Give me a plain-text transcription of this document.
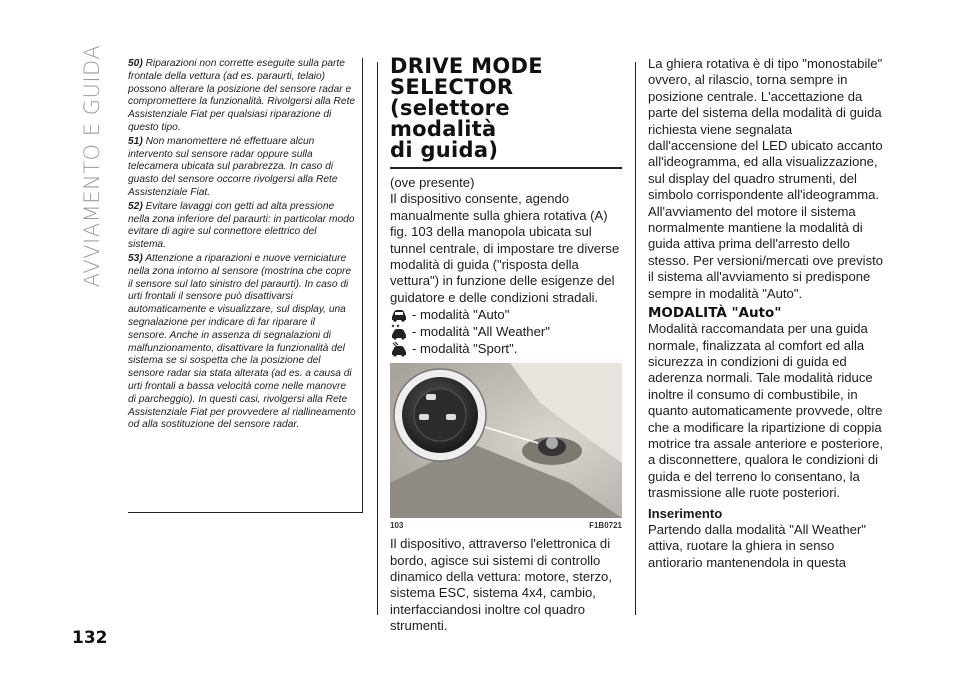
AVVIAMENTO E GUIDA
132
50) Riparazioni non corrette eseguite sulla parte frontale della vettura (ad es. paraurti, telaio) possono alterare la posizione del sensore radar e compromettere la funzionalità. Rivolgersi alla Rete Assistenziale Fiat per qualsiasi riparazione di questo tipo.
51) Non manomettere né effettuare alcun intervento sul sensore radar oppure sulla telecamera ubicata sul parabrezza. In caso di guasto del sensore occorre rivolgersi alla Rete Assistenziale Fiat.
52) Evitare lavaggi con getti ad alta pressione nella zona inferiore del paraurti: in particolar modo evitare di agire sul connettore elettrico del sistema.
53) Attenzione a riparazioni e nuove verniciature nella zona intorno al sensore (mostrina che copre il sensore sul lato sinistro del paraurti). In caso di urti frontali il sensore può disattivarsi automaticamente e visualizzare, sul display, una segnalazione per indicare di far riparare il sensore. Anche in assenza di segnalazioni di malfunzionamento, disattivare la funzionalità del sistema se si sospetta che la posizione del sensore radar sia stata alterata (ad es. a causa di urti frontali a bassa velocità come nelle manovre di parcheggio). In questi casi, rivolgersi alla Rete Assistenziale Fiat per provvedere al riallineamento od alla sostituzione del sensore radar.
DRIVE MODE
SELECTOR
(selettore modalità
di guida)
(ove presente)
Il dispositivo consente, agendo manualmente sulla ghiera rotativa (A) fig. 103 della manopola ubicata sul tunnel centrale, di impostare tre diverse modalità di guida ("risposta della vettura") in funzione delle esigenze del guidatore e delle condizioni stradali.
- modalità "Auto"
- modalità "All Weather"
- modalità "Sport".
103	F1B0721
Il dispositivo, attraverso l'elettronica di bordo, agisce sui sistemi di controllo dinamico della vettura: motore, sterzo, sistema ESC, sistema 4x4, cambio, interfacciandosi inoltre col quadro strumenti.
La ghiera rotativa è di tipo "monostabile" ovvero, al rilascio, torna sempre in posizione centrale. L'accettazione da parte del sistema della modalità di guida richiesta viene segnalata dall'accensione del LED ubicato accanto all'ideogramma, ed alla visualizzazione, sul display del quadro strumenti, del simbolo corrispondente all'ideogramma. All'avviamento del motore il sistema normalmente mantiene la modalità di guida attiva prima dell'arresto dello stesso. Per versioni/mercati ove previsto il sistema all'avviamento si predispone sempre in modalità "Auto".
MODALITÀ "Auto"
Modalità raccomandata per una guida normale, finalizzata al comfort ed alla sicurezza in condizioni di guida ed aderenza normali. Tale modalità riduce inoltre il consumo di combustibile, in quanto automaticamente provvede, oltre che a modificare la ripartizione di coppia motrice tra assale anteriore e posteriore, a disconnettere, qualora le condizioni di guida e del terreno lo consentano, la trasmissione alle ruote posteriori.
Inserimento
Partendo dalla modalità "All Weather" attiva, ruotare la ghiera in senso antiorario mantenendola in questa
